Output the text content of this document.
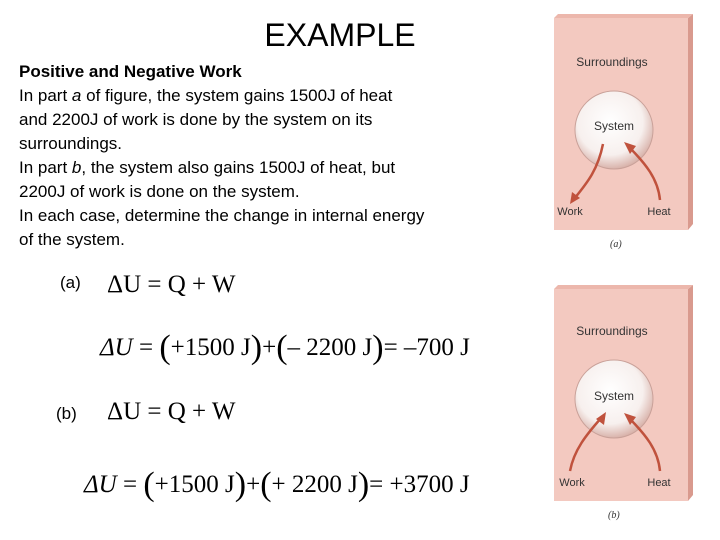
EXAMPLE
Positive and Negative Work
In part a of figure, the system gains 1500J of heat
and 2200J of work is done by the system on its
surroundings.
In part b, the system also gains 1500J of heat, but
2200J of work is done on the system.
In each case, determine the change in internal energy
of the system.
(a) ΔU = Q + W
ΔU = (+1500 J)+(– 2200 J)= –700 J
(b) ΔU = Q + W
ΔU = (+1500 J)+(+ 2200 J)= +3700 J
Surroundings
System
Work	Heat
(a)
Surroundings
System
Work	Heat
(b)
